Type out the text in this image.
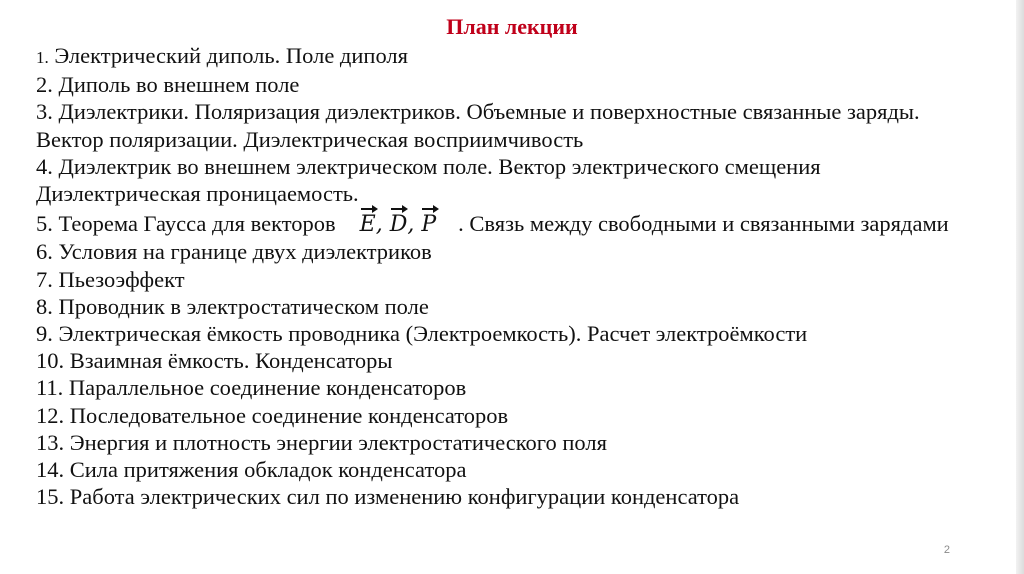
План лекции
1. Электрический диполь. Поле диполя
2. Диполь во внешнем поле
3. Диэлектрики. Поляризация диэлектриков. Объемные и поверхностные связанные заряды. Вектор поляризации. Диэлектрическая восприимчивость
4. Диэлектрик во внешнем электрическом поле. Вектор электрического смещения Диэлектрическая проницаемость.
5. Теорема Гаусса для векторов E, D, P . Связь между свободными и связанными зарядами
6. Условия на границе двух диэлектриков
7. Пьезоэффект
8. Проводник в электростатическом поле
9. Электрическая ёмкость проводника (Электроемкость). Расчет электроёмкости
10. Взаимная ёмкость. Конденсаторы
11. Параллельное соединение конденсаторов
12. Последовательное соединение конденсаторов
13. Энергия и плотность энергии электростатического поля
14. Сила притяжения обкладок конденсатора
15. Работа электрических сил по изменению конфигурации конденсатора
2
